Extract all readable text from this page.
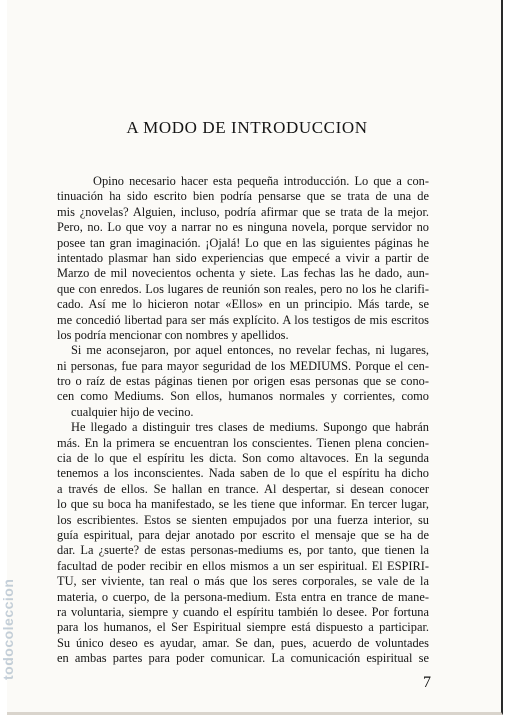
A MODO DE INTRODUCCION
Opino necesario hacer esta pequeña introducción. Lo que a con-
tinuación ha sido escrito bien podría pensarse que se trata de una de
mis ¿novelas? Alguien, incluso, podría afirmar que se trata de la mejor.
Pero, no. Lo que voy a narrar no es ninguna novela, porque servidor no
posee tan gran imaginación. ¡Ojalá! Lo que en las siguientes páginas he
intentado plasmar han sido experiencias que empecé a vivir a partir de
Marzo de mil novecientos ochenta y siete. Las fechas las he dado, aun-
que con enredos. Los lugares de reunión son reales, pero no los he clarifi-
cado. Así me lo hicieron notar «Ellos» en un principio. Más tarde, se
me concedió libertad para ser más explícito. A los testigos de mis escritos
los podría mencionar con nombres y apellidos.
Si me aconsejaron, por aquel entonces, no revelar fechas, ni lugares,
ni personas, fue para mayor seguridad de los MEDIUMS. Porque el cen-
tro o raíz de estas páginas tienen por origen esas personas que se cono-
cen como Mediums. Son ellos, humanos normales y corrientes, como
cualquier hijo de vecino.
He llegado a distinguir tres clases de mediums. Supongo que habrán
más. En la primera se encuentran los conscientes. Tienen plena concien-
cia de lo que el espíritu les dicta. Son como altavoces. En la segunda
tenemos a los inconscientes. Nada saben de lo que el espíritu ha dicho
a través de ellos. Se hallan en trance. Al despertar, si desean conocer
lo que su boca ha manifestado, se les tiene que informar. En tercer lugar,
los escribientes. Estos se sienten empujados por una fuerza interior, su
guía espiritual, para dejar anotado por escrito el mensaje que se ha de
dar. La ¿suerte? de estas personas-mediums es, por tanto, que tienen la
facultad de poder recibir en ellos mismos a un ser espiritual. El ESPIRI-
TU, ser viviente, tan real o más que los seres corporales, se vale de la
materia, o cuerpo, de la persona-medium. Esta entra en trance de mane-
ra voluntaria, siempre y cuando el espíritu también lo desee. Por fortuna
para los humanos, el Ser Espiritual siempre está dispuesto a participar.
Su único deseo es ayudar, amar. Se dan, pues, acuerdo de voluntades
en ambas partes para poder comunicar. La comunicación espiritual se
7
todocoleccion
